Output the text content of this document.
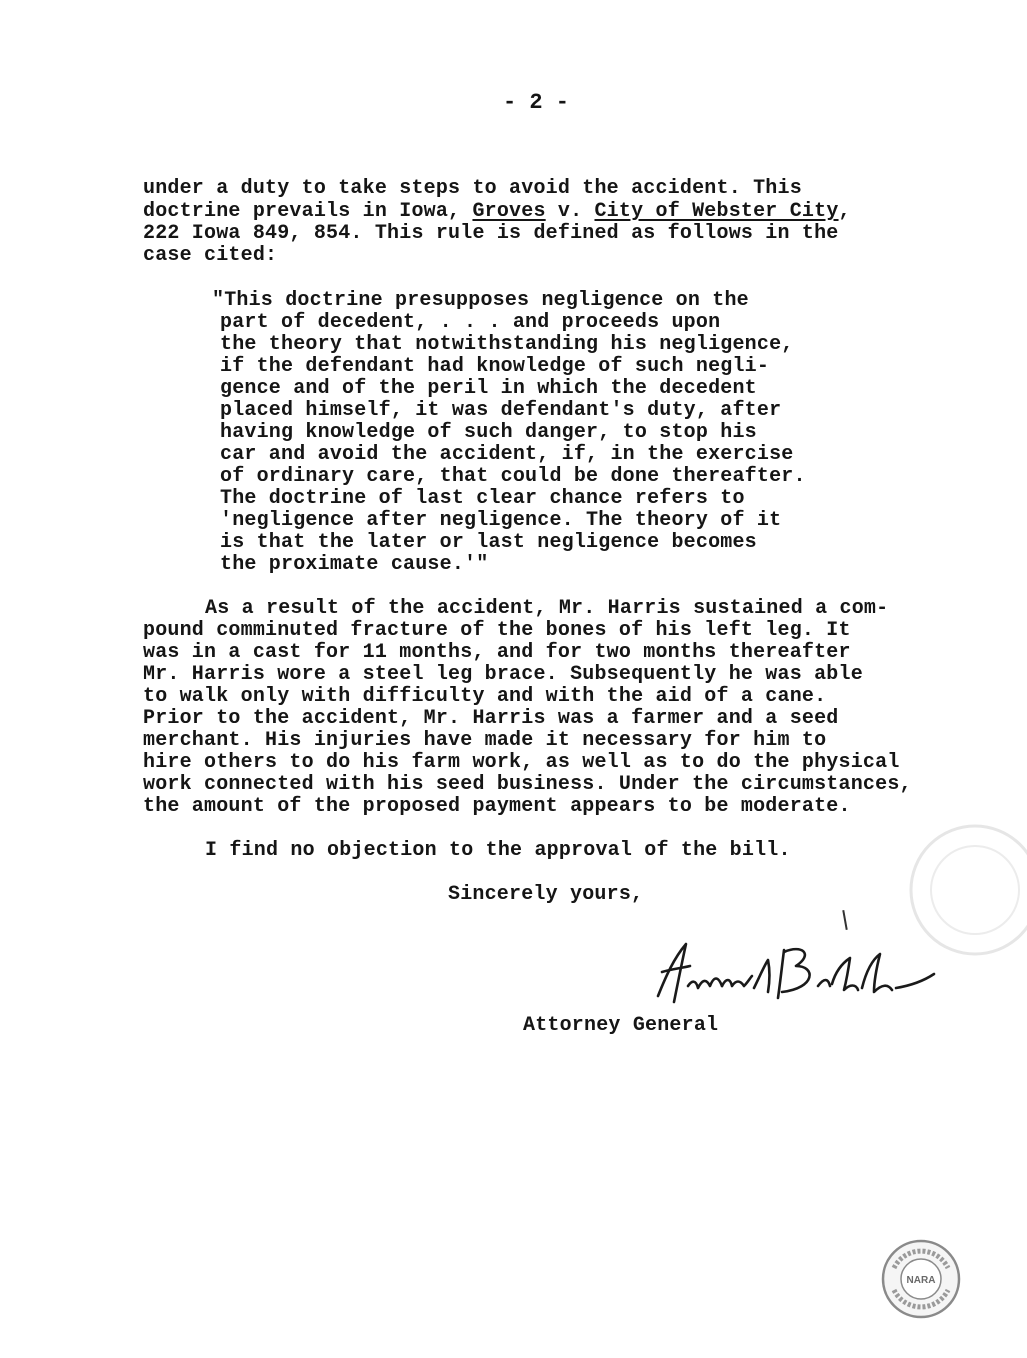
- 2 -
under a duty to take steps to avoid the accident. This
doctrine prevails in Iowa, Groves v. City of Webster City,
222 Iowa 849, 854. This rule is defined as follows in the
case cited:
"This doctrine presupposes negligence on the
part of decedent, . . . and proceeds upon
the theory that notwithstanding his negligence,
if the defendant had knowledge of such negli-
gence and of the peril in which the decedent
placed himself, it was defendant's duty, after
having knowledge of such danger, to stop his
car and avoid the accident, if, in the exercise
of ordinary care, that could be done thereafter.
The doctrine of last clear chance refers to
'negligence after negligence. The theory of it
is that the later or last negligence becomes
the proximate cause.'"
As a result of the accident, Mr. Harris sustained a com-
pound comminuted fracture of the bones of his left leg. It
was in a cast for 11 months, and for two months thereafter
Mr. Harris wore a steel leg brace. Subsequently he was able
to walk only with difficulty and with the aid of a cane.
Prior to the accident, Mr. Harris was a farmer and a seed
merchant. His injuries have made it necessary for him to
hire others to do his farm work, as well as to do the physical
work connected with his seed business. Under the circumstances,
the amount of the proposed payment appears to be moderate.
I find no objection to the approval of the bill.
Sincerely yours,
Attorney General
NARA
